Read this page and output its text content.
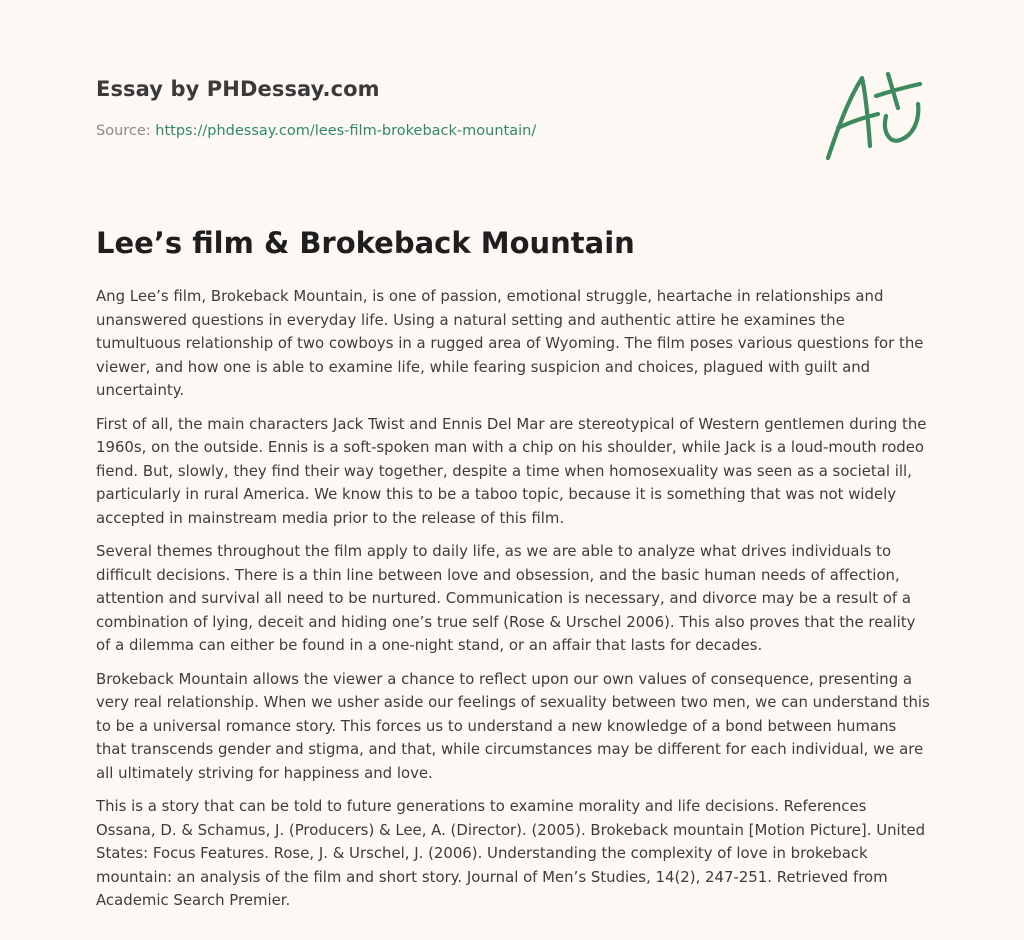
Essay by PHDessay.com
Source: https://phdessay.com/lees-film-brokeback-mountain/
Lee’s film & Brokeback Mountain

Ang Lee’s film, Brokeback Mountain, is one of passion, emotional struggle, heartache in relationships and unanswered questions in everyday life. Using a natural setting and authentic attire he examines the tumultuous relationship of two cowboys in a rugged area of Wyoming. The film poses various questions for the viewer, and how one is able to examine life, while fearing suspicion and choices, plagued with guilt and uncertainty.

First of all, the main characters Jack Twist and Ennis Del Mar are stereotypical of Western gentlemen during the 1960s, on the outside. Ennis is a soft-spoken man with a chip on his shoulder, while Jack is a loud-mouth rodeo fiend. But, slowly, they find their way together, despite a time when homosexuality was seen as a societal ill, particularly in rural America. We know this to be a taboo topic, because it is something that was not widely accepted in mainstream media prior to the release of this film.

Several themes throughout the film apply to daily life, as we are able to analyze what drives individuals to difficult decisions. There is a thin line between love and obsession, and the basic human needs of affection, attention and survival all need to be nurtured. Communication is necessary, and divorce may be a result of a combination of lying, deceit and hiding one’s true self (Rose & Urschel 2006). This also proves that the reality of a dilemma can either be found in a one-night stand, or an affair that lasts for decades.

Brokeback Mountain allows the viewer a chance to reflect upon our own values of consequence, presenting a very real relationship. When we usher aside our feelings of sexuality between two men, we can understand this to be a universal romance story. This forces us to understand a new knowledge of a bond between humans that transcends gender and stigma, and that, while circumstances may be different for each individual, we are all ultimately striving for happiness and love.

This is a story that can be told to future generations to examine morality and life decisions. References Ossana, D. & Schamus, J. (Producers) & Lee, A. (Director). (2005). Brokeback mountain [Motion Picture]. United States: Focus Features. Rose, J. & Urschel, J. (2006). Understanding the complexity of love in brokeback mountain: an analysis of the film and short story. Journal of Men’s Studies, 14(2), 247-251. Retrieved from Academic Search Premier.
